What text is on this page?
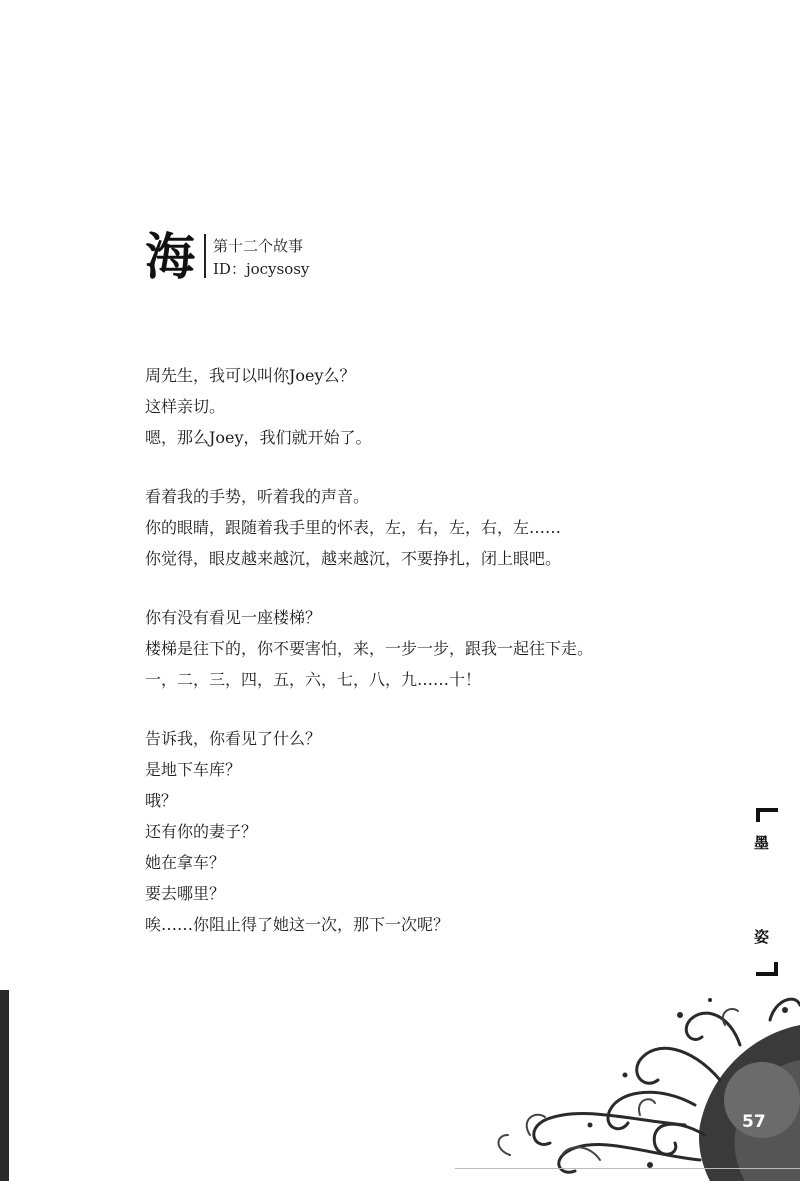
海 第十二个故事
ID：jocysosy

周先生，我可以叫你Joey么？

这样亲切。

嗯，那么Joey，我们就开始了。

看着我的手势，听着我的声音。

你的眼睛，跟随着我手里的怀表，左，右，左，右，左……

你觉得，眼皮越来越沉，越来越沉，不要挣扎，闭上眼吧。

你有没有看见一座楼梯？

楼梯是往下的，你不要害怕，来，一步一步，跟我一起往下走。

一，二，三，四，五，六，七，八，九……十！

告诉我，你看见了什么？

是地下车库？

哦？

还有你的妻子？

她在拿车？

要去哪里？

唉……你阻止得了她这一次，那下一次呢？

墨
姿
57
